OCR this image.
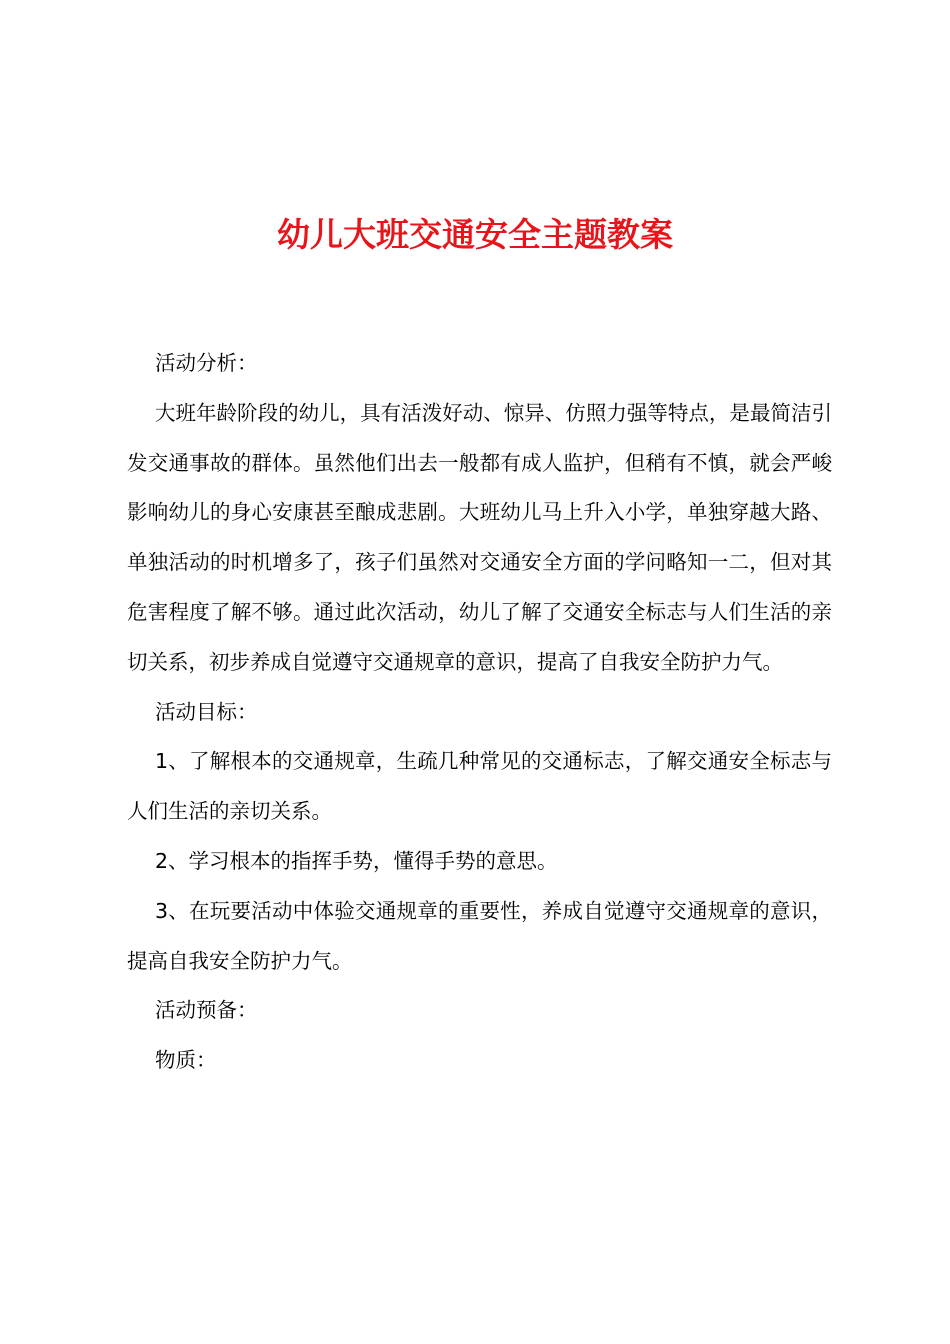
幼儿大班交通安全主题教案

活动分析：

大班年龄阶段的幼儿，具有活泼好动、惊异、仿照力强等特点，是最简洁引发交通事故的群体。虽然他们出去一般都有成人监护，但稍有不慎，就会严峻影响幼儿的身心安康甚至酿成悲剧。大班幼儿马上升入小学，单独穿越大路、单独活动的时机增多了，孩子们虽然对交通安全方面的学问略知一二，但对其危害程度了解不够。通过此次活动，幼儿了解了交通安全标志与人们生活的亲切关系，初步养成自觉遵守交通规章的意识，提高了自我安全防护力气。

活动目标：

1、了解根本的交通规章，生疏几种常见的交通标志，了解交通安全标志与人们生活的亲切关系。

2、学习根本的指挥手势，懂得手势的意思。

3、在玩要活动中体验交通规章的重要性，养成自觉遵守交通规章的意识，提高自我安全防护力气。

活动预备：

物质：
